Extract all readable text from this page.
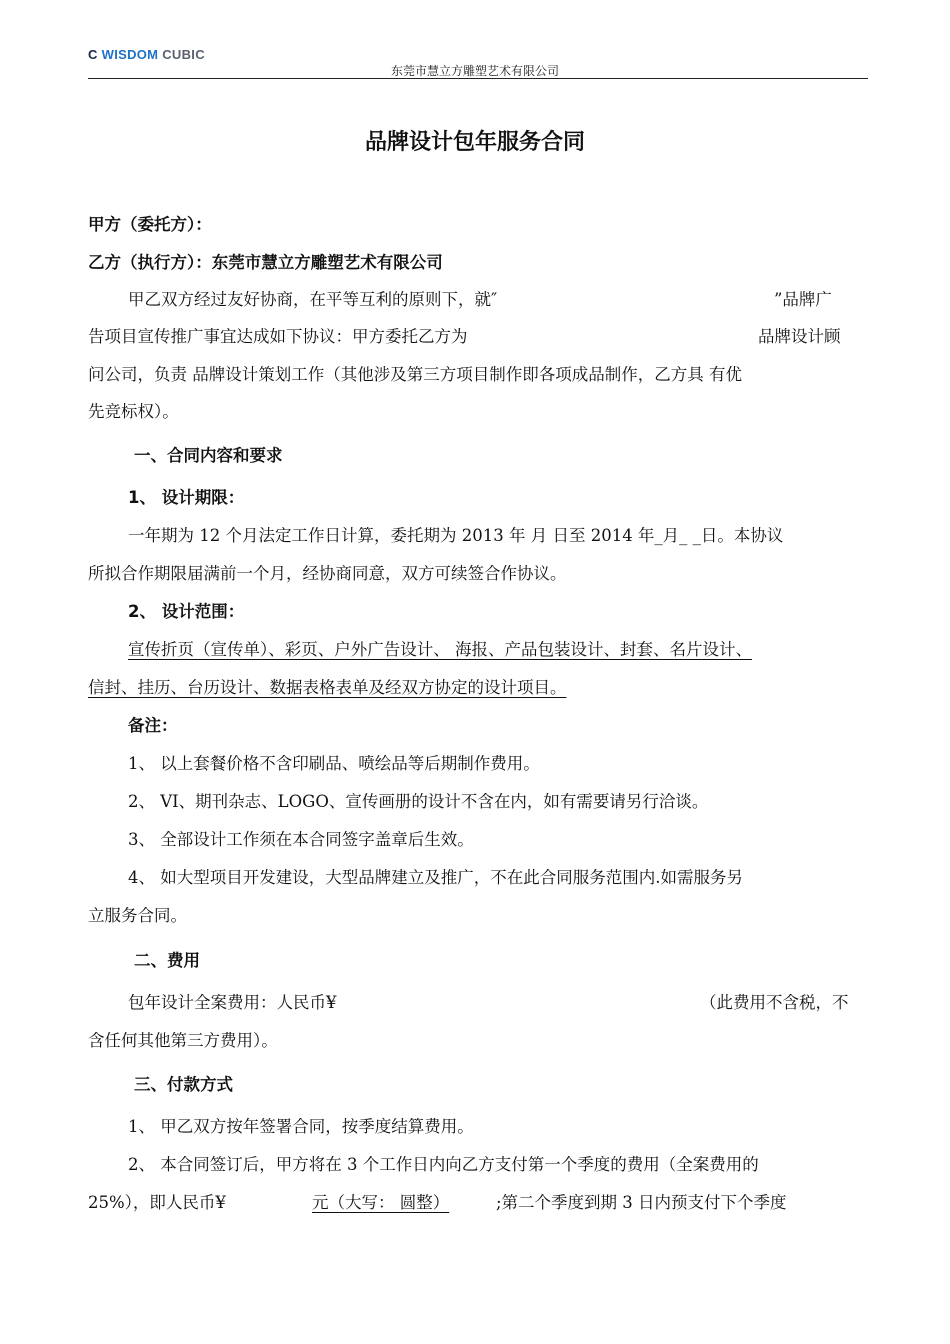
C WISDOM CUBIC
东莞市慧立方雕塑艺术有限公司
品牌设计包年服务合同
甲方（委托方）：
乙方（执行方）：东莞市慧立方雕塑艺术有限公司
甲乙双方经过友好协商，在平等互利的原则下，就″	”品牌广
告项目宣传推广事宜达成如下协议：甲方委托乙方为	品牌设计顾
问公司，负责 品牌设计策划工作（其他涉及第三方项目制作即各项成品制作，乙方具 有优
先竞标权）。
一、合同内容和要求
1、 设计期限：
一年期为 12 个月法定工作日计算，委托期为 2013 年 月 日至 2014 年_月_ _日。本协议
所拟合作期限届满前一个月，经协商同意，双方可续签合作协议。
2、 设计范围：
宣传折页（宣传单）、彩页、户外广告设计、 海报、产品包装设计、封套、名片设计、
信封、挂历、台历设计、数据表格表单及经双方协定的设计项目。
备注：
1、 以上套餐价格不含印刷品、喷绘品等后期制作费用。
2、 VI、期刊杂志、LOGO、宣传画册的设计不含在内，如有需要请另行洽谈。
3、 全部设计工作须在本合同签字盖章后生效。
4、 如大型项目开发建设，大型品牌建立及推广，不在此合同服务范围内.如需服务另
立服务合同。
二、费用
包年设计全案费用：人民币¥	（此费用不含税，不
含任何其他第三方费用）。
三、付款方式
1、 甲乙双方按年签署合同，按季度结算费用。
2、 本合同签订后，甲方将在 3 个工作日内向乙方支付第一个季度的费用（全案费用的
25%），即人民币¥	元（大写： 圆整）	;第二个季度到期 3 日内预支付下个季度
